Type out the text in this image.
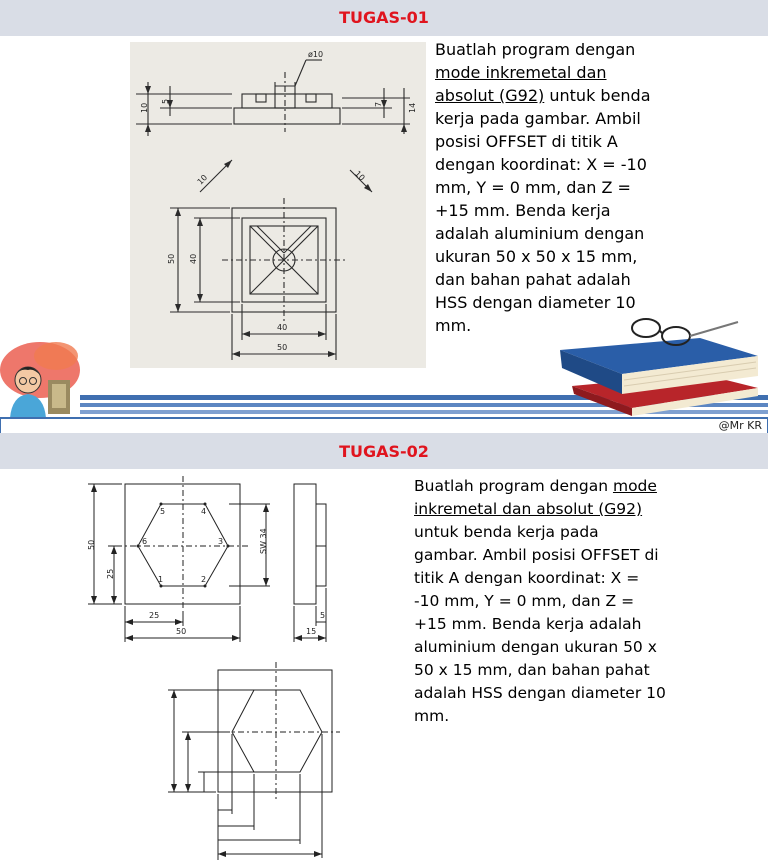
TUGAS-01
ø10
10
5
7	14
10	10
50 40
40
50
Buatlah program dengan mode inkremetal dan absolut (G92) untuk benda kerja pada gambar. Ambil posisi OFFSET di titik A dengan koordinat: X = -10 mm, Y = 0 mm, dan Z = +15 mm. Benda kerja adalah aluminium dengan ukuran 50 x 50 x 15 mm, dan bahan pahat adalah HSS dengan diameter 10 mm.
@Mr KR
TUGAS-02
1	2
3
4
5
6
50
25
25
50
SW 34
5
15
Buatlah program dengan mode inkremetal dan absolut (G92) untuk benda kerja pada gambar. Ambil posisi OFFSET di titik A dengan koordinat: X = -10 mm, Y = 0 mm, dan Z = +15 mm. Benda kerja adalah aluminium dengan ukuran 50 x 50 x 15 mm, dan bahan pahat adalah HSS dengan diameter 10 mm.
